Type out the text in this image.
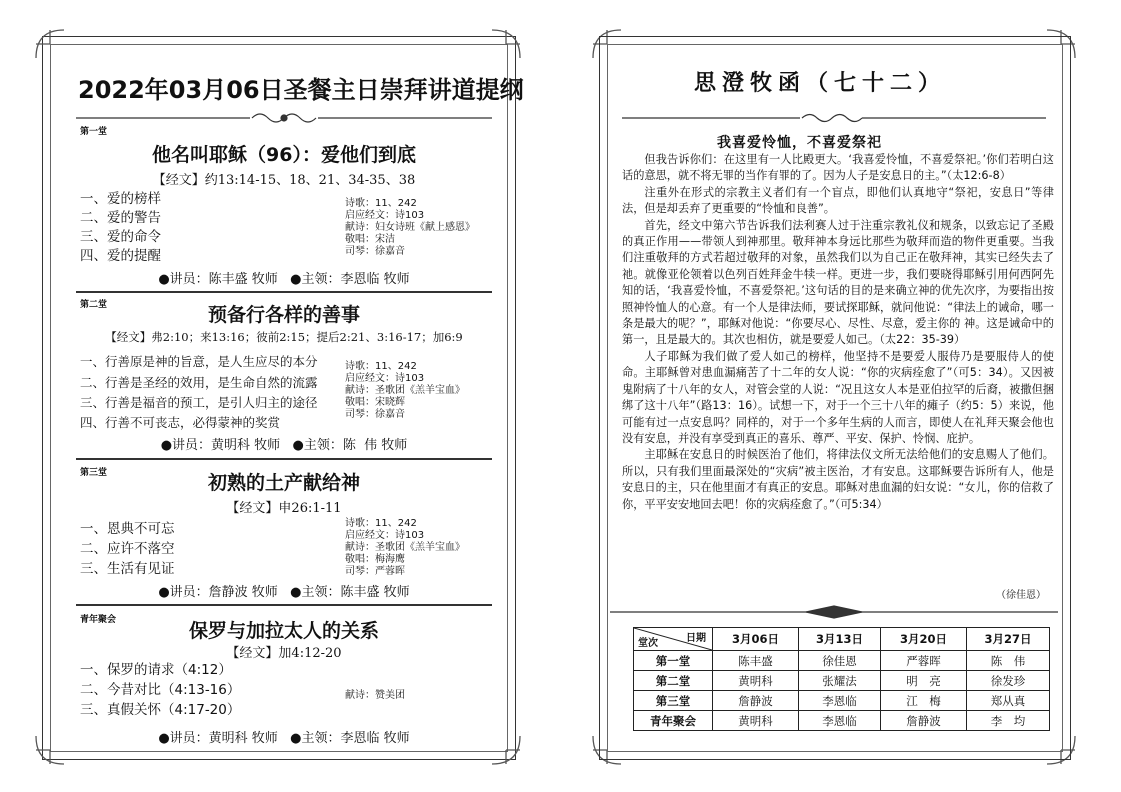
2022年03月06日圣餐主日崇拜讲道提纲
第一堂
他名叫耶稣（96）：爱他们到底
【经文】约13:14-15、18、21、34-35、38
一、爱的榜样
二、爱的警告
三、爱的命令
四、爱的提醒
诗歌：11、242
启应经文：诗103
献诗：妇女诗班《献上感恩》
敬唱：宋洁
司琴：徐嘉音
●讲员：陈丰盛 牧师   ●主领：李恩临 牧师
第二堂	预备行各样的善事
【经文】弗2:10；来13:16；彼前2:15；提后2:21、3:16-17；加6:9
一、行善原是神的旨意，是人生应尽的本分
二、行善是圣经的效用，是生命自然的流露
三、行善是福音的预工，是引人归主的途径
四、行善不可丧志，必得蒙神的奖赏
诗歌：11、242
启应经文：诗103
献诗：圣歌团《羔羊宝血》
敬唱：宋晓辉
司琴：徐嘉音
●讲员：黄明科 牧师   ●主领：陈  伟 牧师
第三堂	初熟的土产献给神
【经文】申26:1-11
一、恩典不可忘
二、应许不落空
三、生活有见证
诗歌：11、242
启应经文：诗103
献诗：圣歌团《羔羊宝血》
敬唱：梅海鹰
司琴：严蓉晖
●讲员：詹静波 牧师   ●主领：陈丰盛 牧师
青年聚会	保罗与加拉太人的关系
【经文】加4:12-20
一、保罗的请求（4:12）
二、今昔对比（4:13-16）
三、真假关怀（4:17-20）
献诗：赞美团
●讲员：黄明科 牧师   ●主领：李恩临 牧师
思澄牧函（七十二）
我喜爱怜恤，不喜爱祭祀

但我告诉你们：在这里有一人比殿更大。‘我喜爱怜恤，不喜爱祭祀。’你们若明白这话的意思，就不将无罪的当作有罪的了。因为人子是安息日的主。”（太12:6-8）

注重外在形式的宗教主义者们有一个盲点，即他们认真地守“祭祀，安息日”等律法，但是却丢弃了更重要的“怜恤和良善”。

首先，经文中第六节告诉我们法利赛人过于注重宗教礼仪和规条，以致忘记了圣殿的真正作用——带领人到神那里。敬拜神本身远比那些为敬拜而造的物件更重要。当我们注重敬拜的方式若超过敬拜的对象，虽然我们以为自己正在敬拜神，其实已经失去了祂。就像亚伦领着以色列百姓拜金牛犊一样。更进一步，我们要晓得耶稣引用何西阿先知的话，‘我喜爱怜恤，不喜爱祭祀。’这句话的目的是来确立神的优先次序，为要指出按照神怜恤人的心意。有一个人是律法师，要试探耶稣，就问他说：“律法上的诫命，哪一条是最大的呢？”，耶稣对他说：“你要尽心、尽性、尽意，爱主你的 神。这是诫命中的第一，且是最大的。其次也相仿，就是要爱人如己。（太22：35-39）

人子耶稣为我们做了爱人如己的榜样，他坚持不是要爱人服侍乃是要服侍人的使命。主耶稣曾对患血漏痛苦了十二年的女人说：“你的灾病痊愈了”（可5：34）。又因被鬼附病了十八年的女人，对管会堂的人说：“况且这女人本是亚伯拉罕的后裔，被撒但捆绑了这十八年”（路13：16）。试想一下，对于一个三十八年的瘫子（约5：5）来说，他可能有过一点安息吗？同样的，对于一个多年生病的人而言，即使人在礼拜天聚会他也没有安息，并没有享受到真正的喜乐、尊严、平安、保护、怜悯、庇护。

主耶稣在安息日的时候医治了他们，将律法仪文所无法给他们的安息赐人了他们。所以，只有我们里面最深处的“灾病”被主医治，才有安息。这耶稣要告诉所有人，他是安息日的主，只在他里面才有真正的安息。耶稣对患血漏的妇女说：“女儿，你的信救了你，平平安安地回去吧！你的灾病痊愈了。”（可5:34）

（徐佳恩）
日期
堂次	3月06日	3月13日	3月20日	3月27日
第一堂	陈丰盛	徐佳恩	严蓉晖	陈　伟
第二堂	黄明科	张耀法	明　亮	徐发珍
第三堂	詹静波	李恩临	江　梅	郑从真
青年聚会	黄明科	李恩临	詹静波	李　均
